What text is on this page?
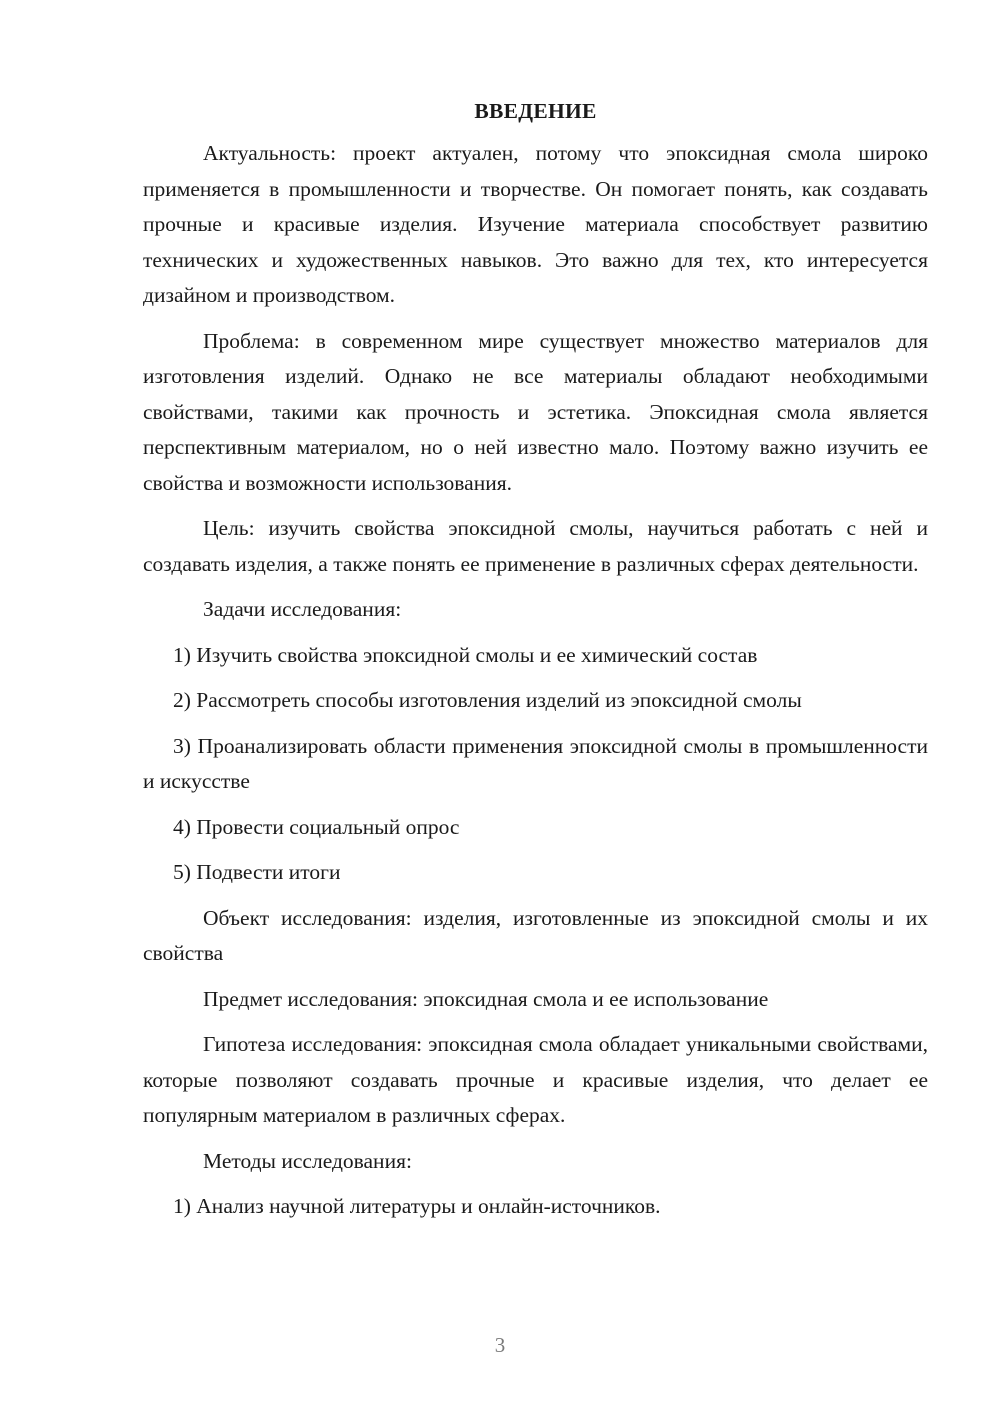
ВВЕДЕНИЕ

Актуальность: проект актуален, потому что эпоксидная смола широко применяется в промышленности и творчестве. Он помогает понять, как создавать прочные и красивые изделия. Изучение материала способствует развитию технических и художественных навыков. Это важно для тех, кто интересуется дизайном и производством.

Проблема: в современном мире существует множество материалов для изготовления изделий. Однако не все материалы обладают необходимыми свойствами, такими как прочность и эстетика. Эпоксидная смола является перспективным материалом, но о ней известно мало. Поэтому важно изучить ее свойства и возможности использования.

Цель: изучить свойства эпоксидной смолы, научиться работать с ней и создавать изделия, а также понять ее применение в различных сферах деятельности.

Задачи исследования:

1) Изучить свойства эпоксидной смолы и ее химический состав

2) Рассмотреть способы изготовления изделий из эпоксидной смолы

3) Проанализировать области применения эпоксидной смолы в промышленности и искусстве

4) Провести социальный опрос

5) Подвести итоги

Объект исследования: изделия, изготовленные из эпоксидной смолы и их свойства

Предмет исследования: эпоксидная смола и ее использование

Гипотеза исследования: эпоксидная смола обладает уникальными свойствами, которые позволяют создавать прочные и красивые изделия, что делает ее популярным материалом в различных сферах.

Методы исследования:

1) Анализ научной литературы и онлайн-источников.

3
